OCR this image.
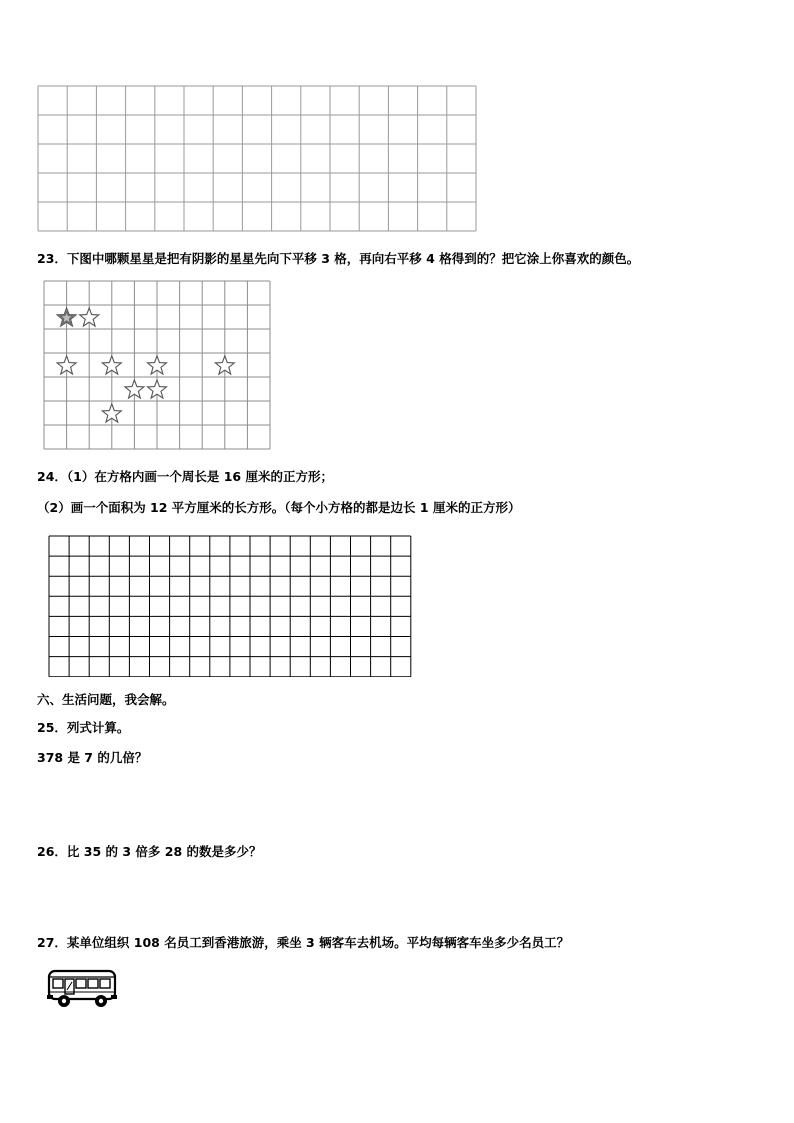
23．下图中哪颗星星是把有阴影的星星先向下平移 3 格，再向右平移 4 格得到的？把它涂上你喜欢的颜色。
24．（1）在方格内画一个周长是 16 厘米的正方形；
（2）画一个面积为 12 平方厘米的长方形。（每个小方格的都是边长 1 厘米的正方形）
六、生活问题，我会解。
25．列式计算。
378 是 7 的几倍？
26．比 35 的 3 倍多 28 的数是多少？
27．某单位组织 108 名员工到香港旅游，乘坐 3 辆客车去机场。平均每辆客车坐多少名员工？
